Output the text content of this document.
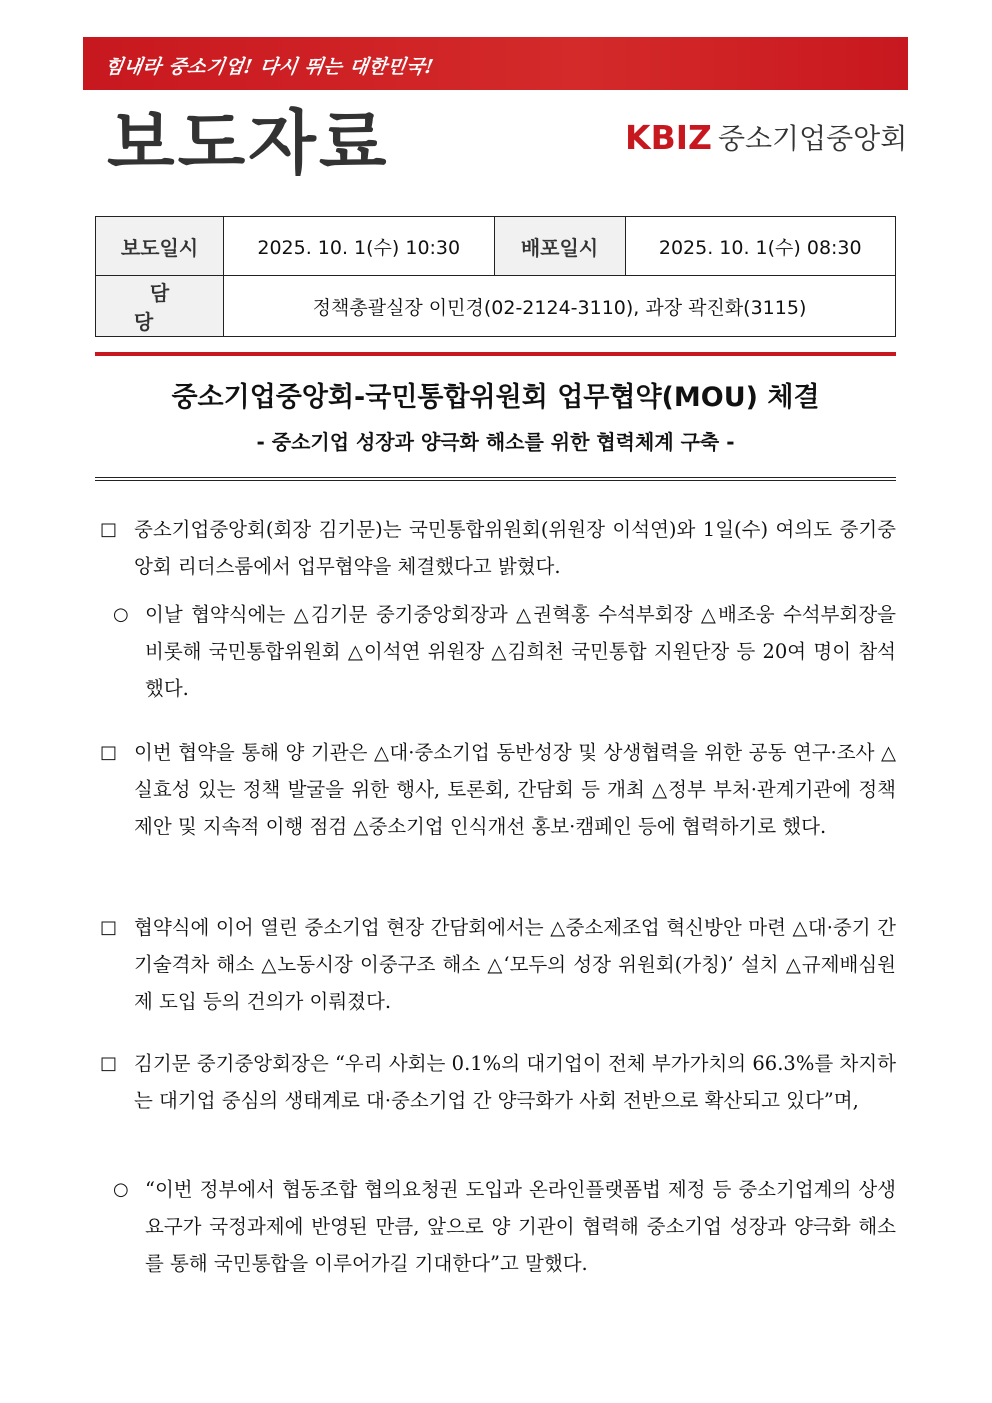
힘내라 중소기업! 다시 뛰는 대한민국!
보도자료	KBIZ 중소기업중앙회
보도일시	2025. 10. 1(수) 10:30	배포일시	2025. 10. 1(수) 08:30
담당	정책총괄실장 이민경(02-2124-3110), 과장 곽진화(3115)		
중소기업중앙회-국민통합위원회 업무협약(MOU) 체결
- 중소기업 성장과 양극화 해소를 위한 협력체계 구축 -
□ 중소기업중앙회(회장 김기문)는 국민통합위원회(위원장 이석연)와 1일(수) 여의도 중기중앙회 리더스룸에서 업무협약을 체결했다고 밝혔다.
○ 이날 협약식에는 △김기문 중기중앙회장과 △권혁홍 수석부회장 △배조웅 수석부회장을 비롯해 국민통합위원회 △이석연 위원장 △김희천 국민통합 지원단장 등 20여 명이 참석했다.
□ 이번 협약을 통해 양 기관은 △대·중소기업 동반성장 및 상생협력을 위한 공동 연구·조사 △실효성 있는 정책 발굴을 위한 행사, 토론회, 간담회 등 개최 △정부 부처·관계기관에 정책 제안 및 지속적 이행 점검 △중소기업 인식개선 홍보·캠페인 등에 협력하기로 했다.
□ 협약식에 이어 열린 중소기업 현장 간담회에서는 △중소제조업 혁신방안 마련 △대·중기 간 기술격차 해소 △노동시장 이중구조 해소 △‘모두의 성장 위원회(가칭)’ 설치 △규제배심원제 도입 등의 건의가 이뤄졌다.
□ 김기문 중기중앙회장은 “우리 사회는 0.1%의 대기업이 전체 부가가치의 66.3%를 차지하는 대기업 중심의 생태계로 대·중소기업 간 양극화가 사회 전반으로 확산되고 있다”며,
○ “이번 정부에서 협동조합 협의요청권 도입과 온라인플랫폼법 제정 등 중소기업계의 상생 요구가 국정과제에 반영된 만큼, 앞으로 양 기관이 협력해 중소기업 성장과 양극화 해소를 통해 국민통합을 이루어가길 기대한다”고 말했다.
